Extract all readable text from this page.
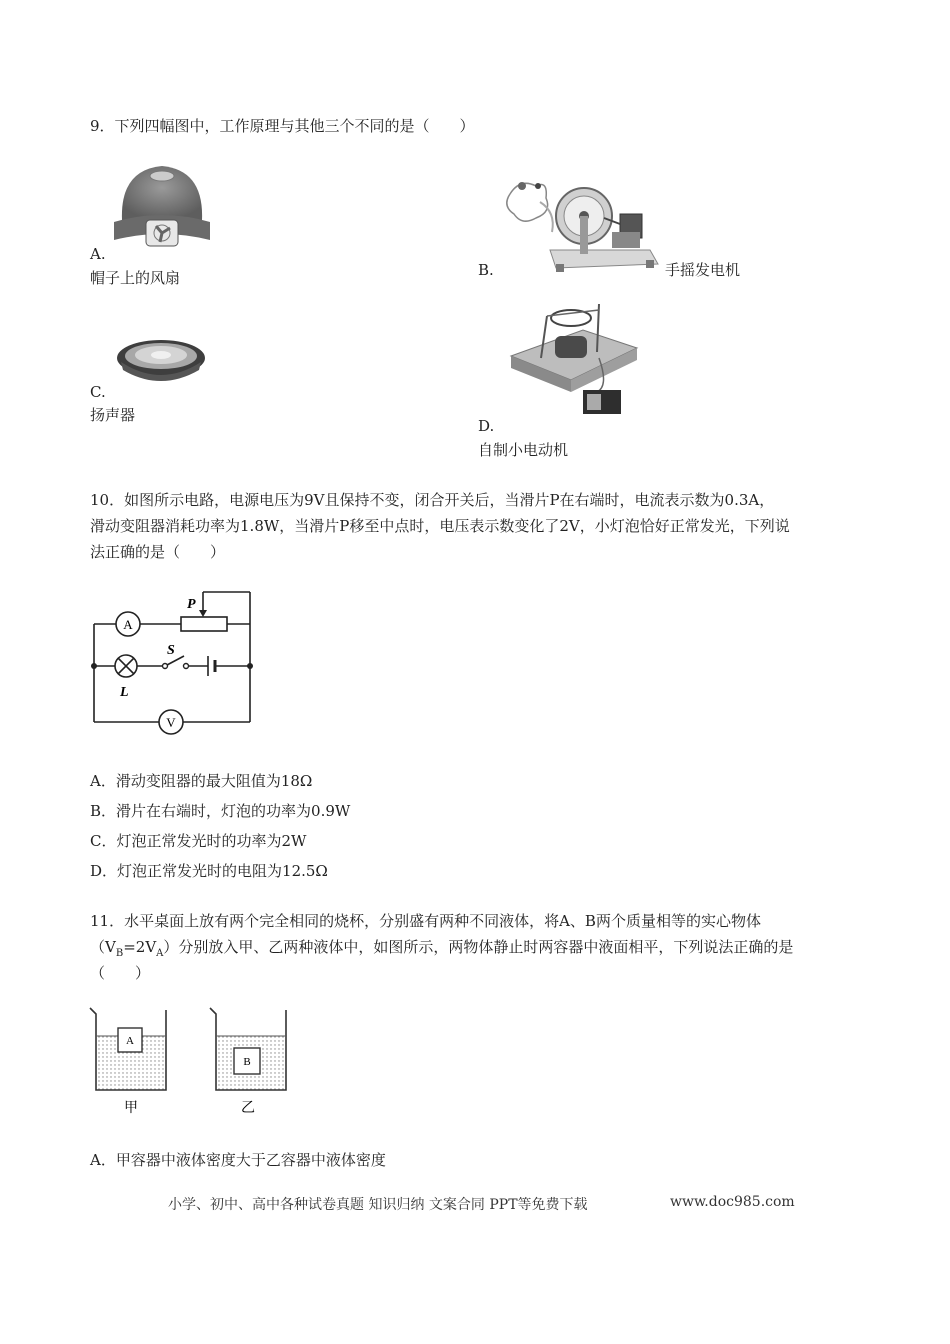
9．下列四幅图中，工作原理与其他三个不同的是（　　）
A.
帽子上的风扇	B.	手摇发电机
C.
扬声器
D.
自制小电动机
10．如图所示电路，电源电压为9V且保持不变，闭合开关后，当滑片P在右端时，电流表示数为0.3A，
滑动变阻器消耗功率为1.8W，当滑片P移至中点时，电压表示数变化了2V，小灯泡恰好正常发光，下列说
法正确的是（　　）
A
V
P
S
L
A．滑动变阻器的最大阻值为18Ω
B．滑片在右端时，灯泡的功率为0.9W
C．灯泡正常发光时的功率为2W
D．灯泡正常发光时的电阻为12.5Ω
11．水平桌面上放有两个完全相同的烧杯，分别盛有两种不同液体，将A、B两个质量相等的实心物体
$(V_B=2V_A)$分别放入甲、乙两种液体中，如图所示，两物体静止时两容器中液面相平，下列说法正确的是
（　　）
A
甲
B
乙
A．甲容器中液体密度大于乙容器中液体密度
小学、初中、高中各种试卷真题 知识归纳 文案合同 PPT等免费下载	www.doc985.com
